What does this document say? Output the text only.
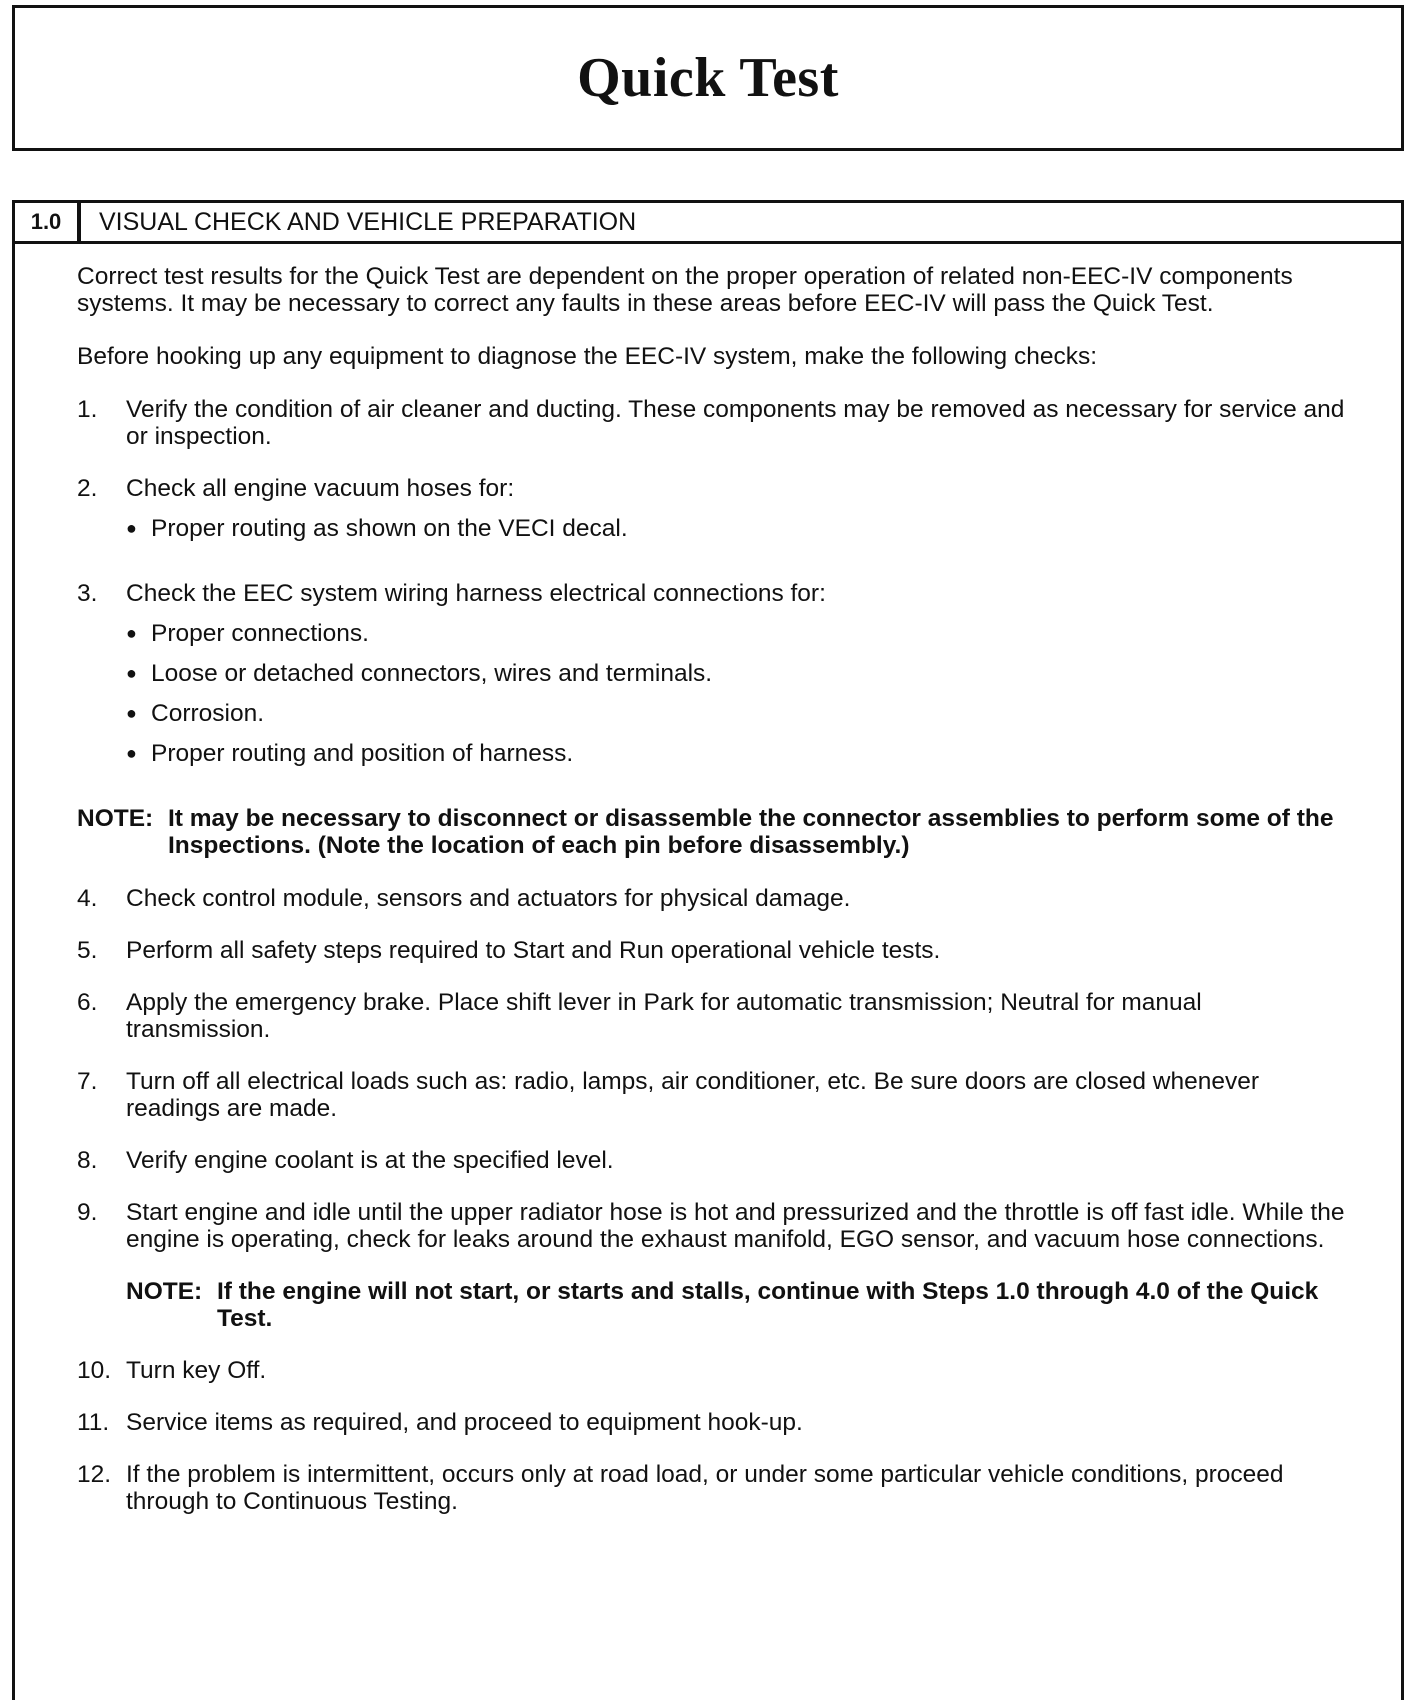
Quick Test
1.0	VISUAL CHECK AND VEHICLE PREPARATION

Correct test results for the Quick Test are dependent on the proper operation of related non-EEC-IV components systems. It may be necessary to correct any faults in these areas before EEC-IV will pass the Quick Test.

Before hooking up any equipment to diagnose the EEC-IV system, make the following checks:

1.	Verify the condition of air cleaner and ducting. These components may be removed as necessary for service and or inspection.
2.	Check all engine vacuum hoses for:
● Proper routing as shown on the VECI decal.
3.	Check the EEC system wiring harness electrical connections for:
● Proper connections.
● Loose or detached connectors, wires and terminals.
● Corrosion.
● Proper routing and position of harness.
NOTE: It may be necessary to disconnect or disassemble the connector assemblies to perform some of the Inspections. (Note the location of each pin before disassembly.)
4.	Check control module, sensors and actuators for physical damage.
5.	Perform all safety steps required to Start and Run operational vehicle tests.
6.	Apply the emergency brake. Place shift lever in Park for automatic transmission; Neutral for manual transmission.
7.	Turn off all electrical loads such as: radio, lamps, air conditioner, etc. Be sure doors are closed whenever readings are made.
8.	Verify engine coolant is at the specified level.
9.	Start engine and idle until the upper radiator hose is hot and pressurized and the throttle is off fast idle. While the engine is operating, check for leaks around the exhaust manifold, EGO sensor, and vacuum hose connections.
NOTE: If the engine will not start, or starts and stalls, continue with Steps 1.0 through 4.0 of the Quick Test.
10. Turn key Off.
11. Service items as required, and proceed to equipment hook-up.
12. If the problem is intermittent, occurs only at road load, or under some particular vehicle conditions, proceed through to Continuous Testing.
